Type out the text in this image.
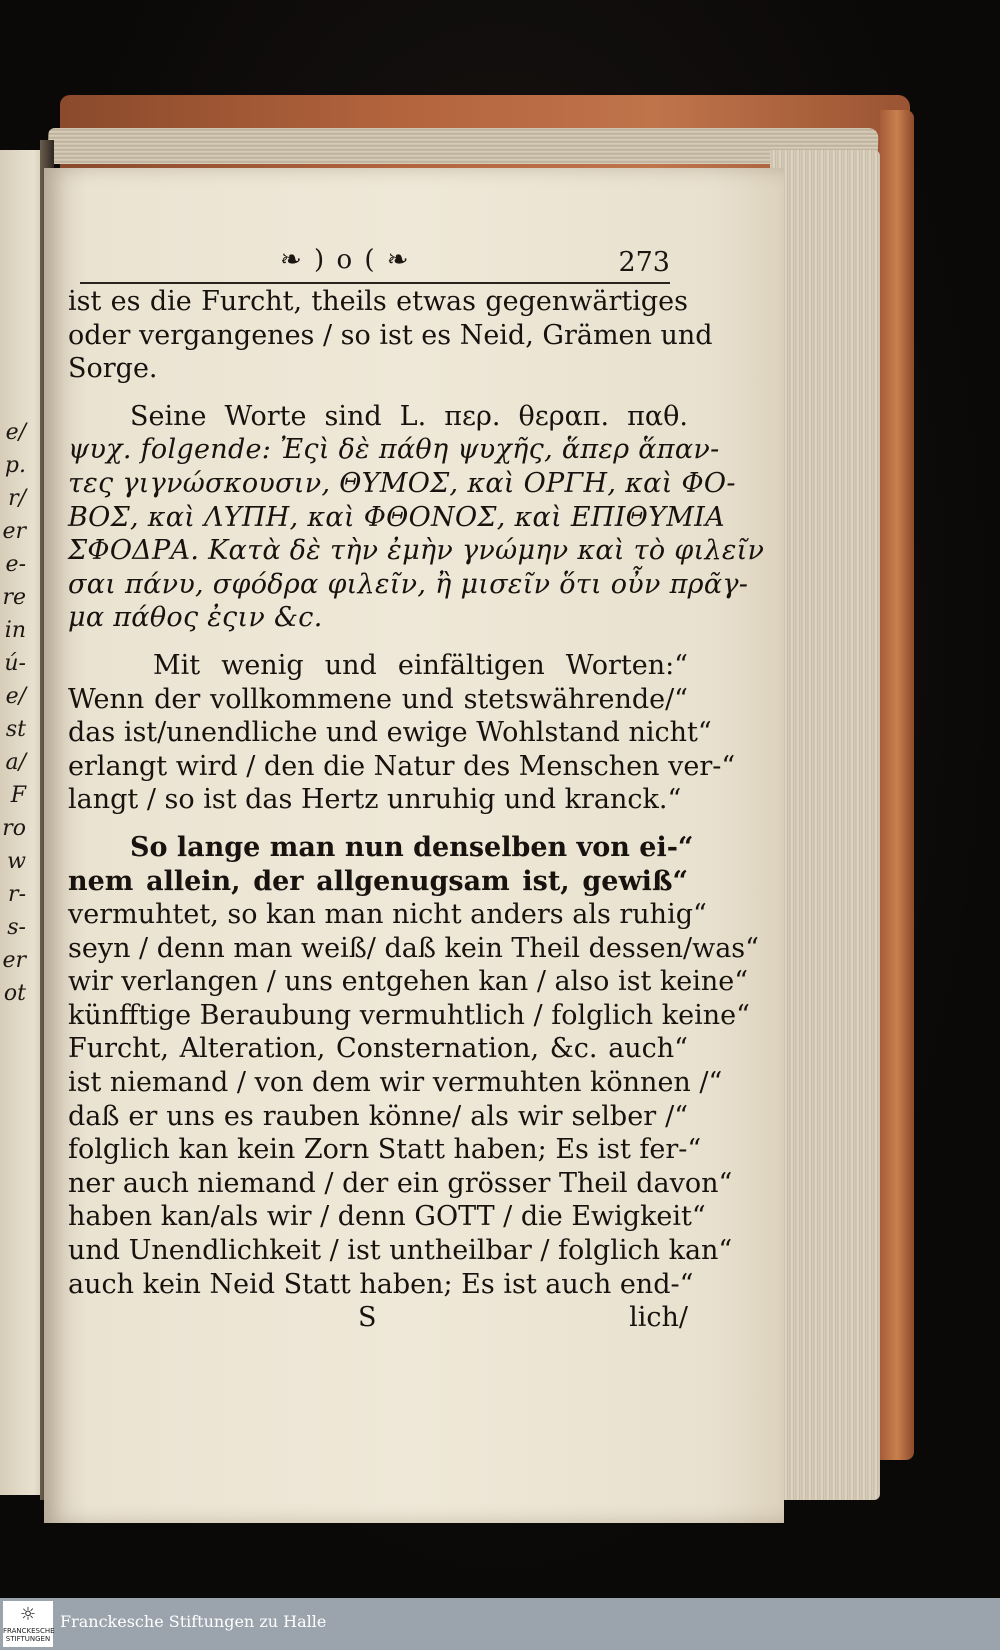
e/
p.
r/
er
e-
re
in
ú-
e/
st
a/
F
ro
w
r-
s-
er
ot
❧ ) o ( ❧	273
ist es die Furcht, theils etwas gegenwärtiges
oder vergangenes / so ist es Neid, Grämen und
Sorge.
Seine Worte sind L. περ. θεραπ. παθ.
ψυχ. folgende: Ἐςὶ δὲ πάθη ψυχῆς, ἅπερ ἅπαν-
τες γιγνώσκουσιν, ΘΥΜΟΣ, καὶ ΟΡΓΗ, καὶ ΦΟ-
ΒΟΣ, καὶ ΛΥΠΗ, καὶ ΦΘΟΝΟΣ, καὶ ΕΠΙΘΥΜΙΑ
ΣΦΟΔΡΑ. Κατὰ δὲ τὴν ἐμὴν γνώμην καὶ τὸ φιλεῖν
σαι πάνυ, σφόδρα φιλεῖν, ἢ μισεῖν ὅτι οὖν πρᾶγ-
μα πάθος ἐςιν &c.
Mit wenig und einfältigen Worten:“
Wenn der vollkommene und stetswährende/“
das ist/unendliche und ewige Wohlstand nicht“
erlangt wird / den die Natur des Menschen ver-“
langt / so ist das Hertz unruhig und kranck.“
So lange man nun denselben von ei-“
nem allein, der allgenugsam ist, gewiß“
vermuhtet, so kan man nicht anders als ruhig“
seyn / denn man weiß/ daß kein Theil dessen/was“
wir verlangen / uns entgehen kan / also ist keine“
künfftige Beraubung vermuhtlich / folglich keine“
Furcht, Alteration, Consternation, &c. auch“
ist niemand / von dem wir vermuhten können /“
daß er uns es rauben könne/ als wir selber /“
folglich kan kein Zorn Statt haben; Es ist fer-“
ner auch niemand / der ein grösser Theil davon“
haben kan/als wir / denn GOTT / die Ewigkeit“
und Unendlichkeit / ist untheilbar / folglich kan“
auch kein Neid Statt haben; Es ist auch end-“
S	lich/
☼
FRANCKESCHE STIFTUNGEN
Franckesche Stiftungen zu Halle
